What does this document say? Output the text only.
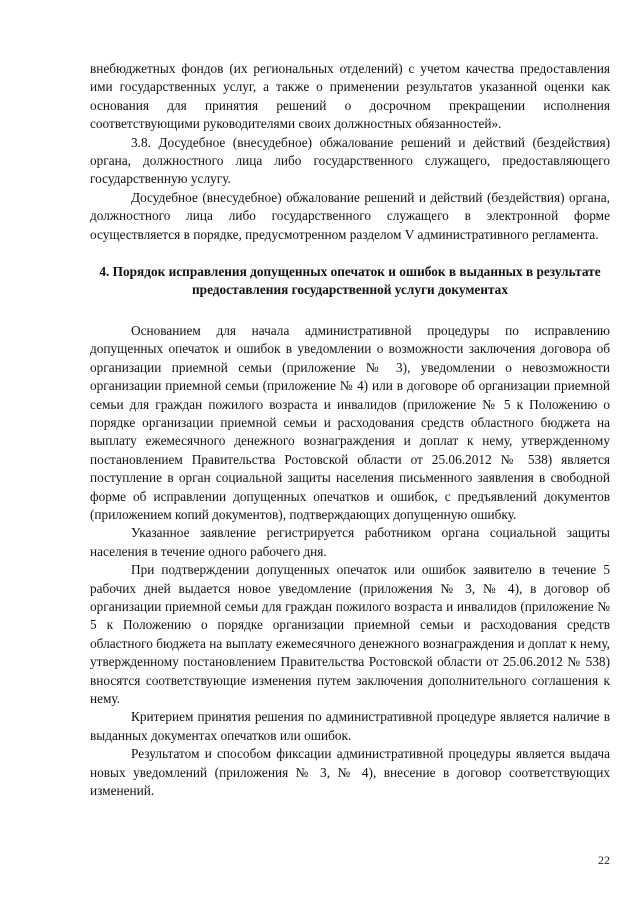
внебюджетных фондов (их региональных отделений) с учетом качества предоставления ими государственных услуг, а также о применении результатов указанной оценки как основания для принятия решений о досрочном прекращении исполнения соответствующими руководителями своих должностных обязанностей».

3.8. Досудебное (внесудебное) обжалование решений и действий (бездействия) органа, должностного лица либо государственного служащего, предоставляющего государственную услугу.

Досудебное (внесудебное) обжалование решений и действий (бездействия) органа, должностного лица либо государственного служащего в электронной форме осуществляется в порядке, предусмотренном разделом V административного регламента.

4. Порядок исправления допущенных опечаток и ошибок в выданных в результате предоставления государственной услуги документах

Основанием для начала административной процедуры по исправлению допущенных опечаток и ошибок в уведомлении о возможности заключения договора об организации приемной семьи (приложение № 3), уведомлении о невозможности организации приемной семьи (приложение № 4) или в договоре об организации приемной семьи для граждан пожилого возраста и инвалидов (приложение № 5 к Положению о порядке организации приемной семьи и расходования средств областного бюджета на выплату ежемесячного денежного вознаграждения и доплат к нему, утвержденному постановлением Правительства Ростовской области от 25.06.2012 № 538) является поступление в орган социальной защиты населения письменного заявления в свободной форме об исправлении допущенных опечатков и ошибок, с предъявлений документов (приложением копий документов), подтверждающих допущенную ошибку.

Указанное заявление регистрируется работником органа социальной защиты населения в течение одного рабочего дня.

При подтверждении допущенных опечаток или ошибок заявителю в течение 5 рабочих дней выдается новое уведомление (приложения № 3, № 4), в договор об организации приемной семьи для граждан пожилого возраста и инвалидов (приложение № 5 к Положению о порядке организации приемной семьи и расходования средств областного бюджета на выплату ежемесячного денежного вознаграждения и доплат к нему, утвержденному постановлением Правительства Ростовской области от 25.06.2012 № 538) вносятся соответствующие изменения путем заключения дополнительного соглашения к нему.

Критерием принятия решения по административной процедуре является наличие в выданных документах опечатков или ошибок.

Результатом и способом фиксации административной процедуры является выдача новых уведомлений (приложения № 3, № 4), внесение в договор соответствующих изменений.

22
